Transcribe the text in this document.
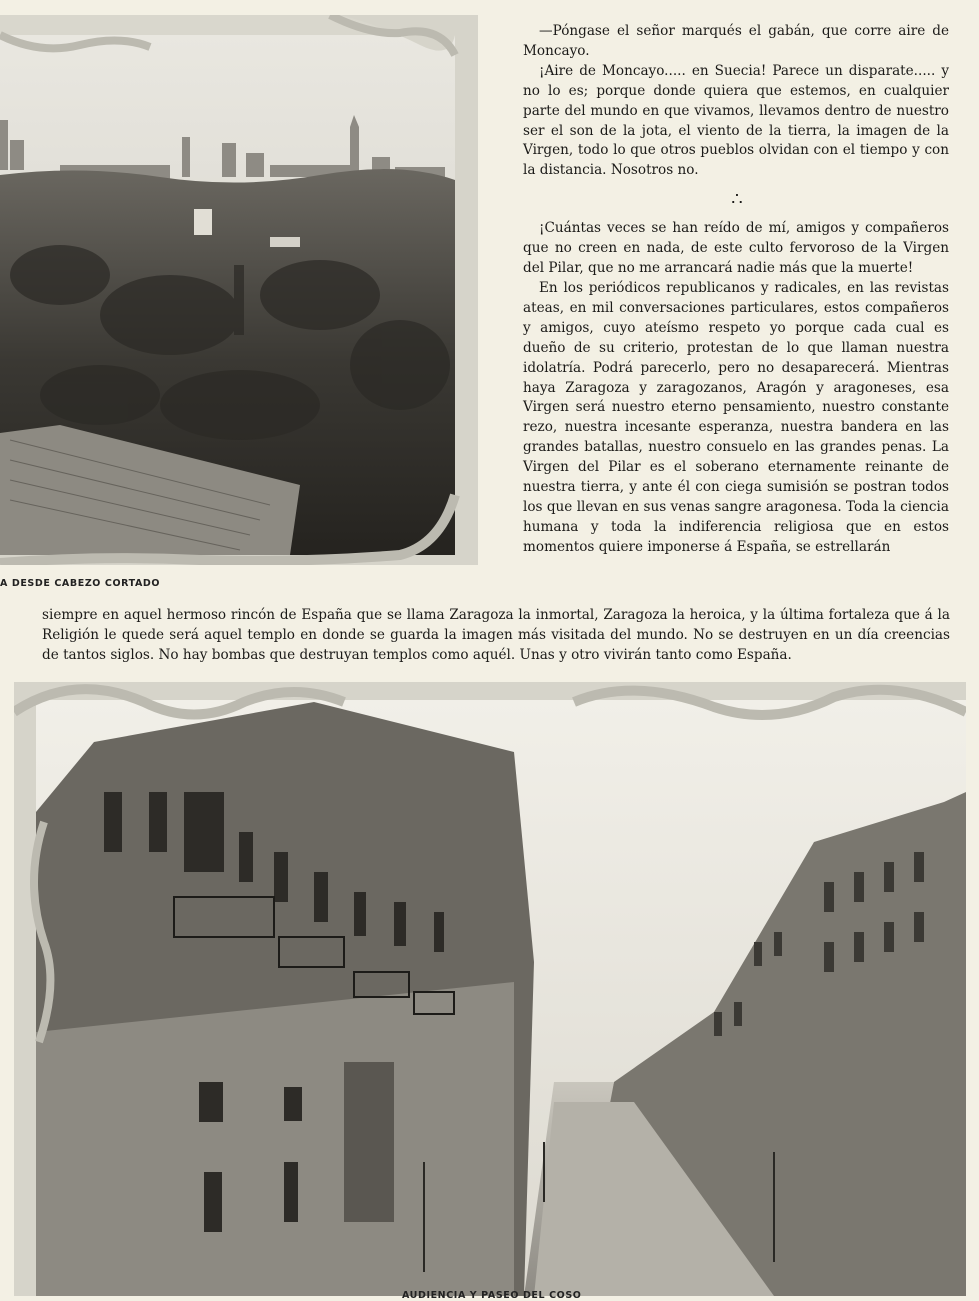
A DESDE CABEZO CORTADO

—Póngase el señor marqués el gabán, que corre aire de Moncayo.

¡Aire de Moncayo..... en Suecia! Parece un disparate..... y no lo es; porque donde quiera que estemos, en cualquier parte del mundo en que vivamos, llevamos dentro de nuestro ser el son de la jota, el viento de la tierra, la imagen de la Virgen, todo lo que otros pueblos olvidan con el tiempo y con la distancia. Nosotros no.

∴

¡Cuántas veces se han reído de mí, amigos y compañeros que no creen en nada, de este culto fervoroso de la Virgen del Pilar, que no me arrancará nadie más que la muerte!

En los periódicos republicanos y radicales, en las revistas ateas, en mil conversaciones particulares, estos compañeros y amigos, cuyo ateísmo respeto yo porque cada cual es dueño de su criterio, protestan de lo que llaman nuestra idolatría. Podrá parecerlo, pero no desaparecerá. Mientras haya Zaragoza y zaragozanos, Aragón y aragoneses, esa Virgen será nuestro eterno pensamiento, nuestro constante rezo, nuestra incesante esperanza, nuestra bandera en las grandes batallas, nuestro consuelo en las grandes penas. La Virgen del Pilar es el soberano eternamente reinante de nuestra tierra, y ante él con ciega sumisión se postran todos los que llevan en sus venas sangre aragonesa. Toda la ciencia humana y toda la indiferencia religiosa que en estos momentos quiere imponerse á España, se estrellarán

siempre en aquel hermoso rincón de España que se llama Zaragoza la inmortal, Zaragoza la heroica, y la última fortaleza que á la Religión le quede será aquel templo en donde se guarda la imagen más visitada del mundo. No se destruyen en un día creencias de tantos siglos. No hay bombas que destruyan templos como aquél. Unas y otro vivirán tanto como España.

AUDIENCIA Y PASEO DEL COSO
